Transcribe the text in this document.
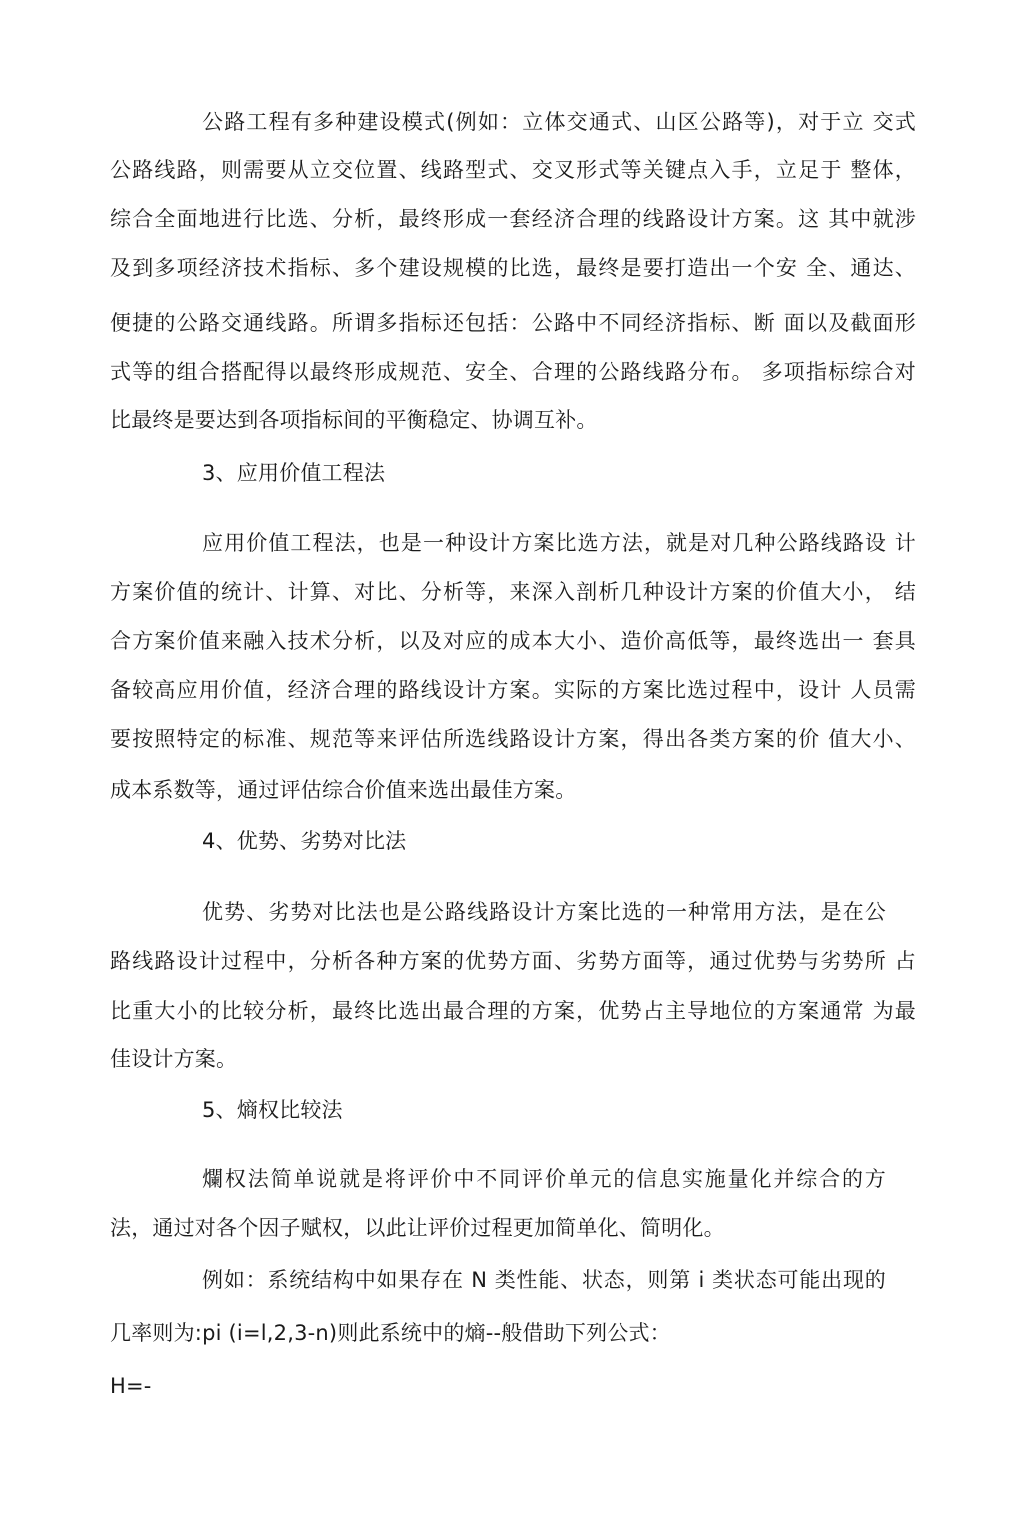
公路工程有多种建设模式(例如：立体交通式、山区公路等)，对于立 交式
公路线路，则需要从立交位置、线路型式、交叉形式等关键点入手，立足于 整体，
综合全面地进行比选、分析，最终形成一套经济合理的线路设计方案。这 其中就涉
及到多项经济技术指标、多个建设规模的比选，最终是要打造出一个安 全、通达、
便捷的公路交通线路。所谓多指标还包括：公路中不同经济指标、断 面以及截面形
式等的组合搭配得以最终形成规范、安全、合理的公路线路分布。 多项指标综合对
比最终是要达到各项指标间的平衡稳定、协调互补。
3、应用价值工程法
应用价值工程法，也是一种设计方案比选方法，就是对几种公路线路设 计
方案价值的统计、计算、对比、分析等，来深入剖析几种设计方案的价值大小， 结
合方案价值来融入技术分析，以及对应的成本大小、造价高低等，最终选出一 套具
备较高应用价值，经济合理的路线设计方案。实际的方案比选过程中，设计 人员需
要按照特定的标准、规范等来评估所选线路设计方案，得出各类方案的价 值大小、
成本系数等，通过评估综合价值来选出最佳方案。
4、优势、劣势对比法
优势、劣势对比法也是公路线路设计方案比选的一种常用方法，是在公
路线路设计过程中，分析各种方案的优势方面、劣势方面等，通过优势与劣势所 占
比重大小的比较分析，最终比选出最合理的方案，优势占主导地位的方案通常 为最
佳设计方案。
5、熵权比较法
爛权法简单说就是将评价中不同评价单元的信息实施量化并综合的方
法，通过对各个因子赋权，以此让评价过程更加简单化、简明化。
例如：系统结构中如果存在 N 类性能、状态，则第 i 类状态可能出现的
几率则为:pi (i=l,2,3-n)则此系统中的熵--般借助下列公式：
H=-
